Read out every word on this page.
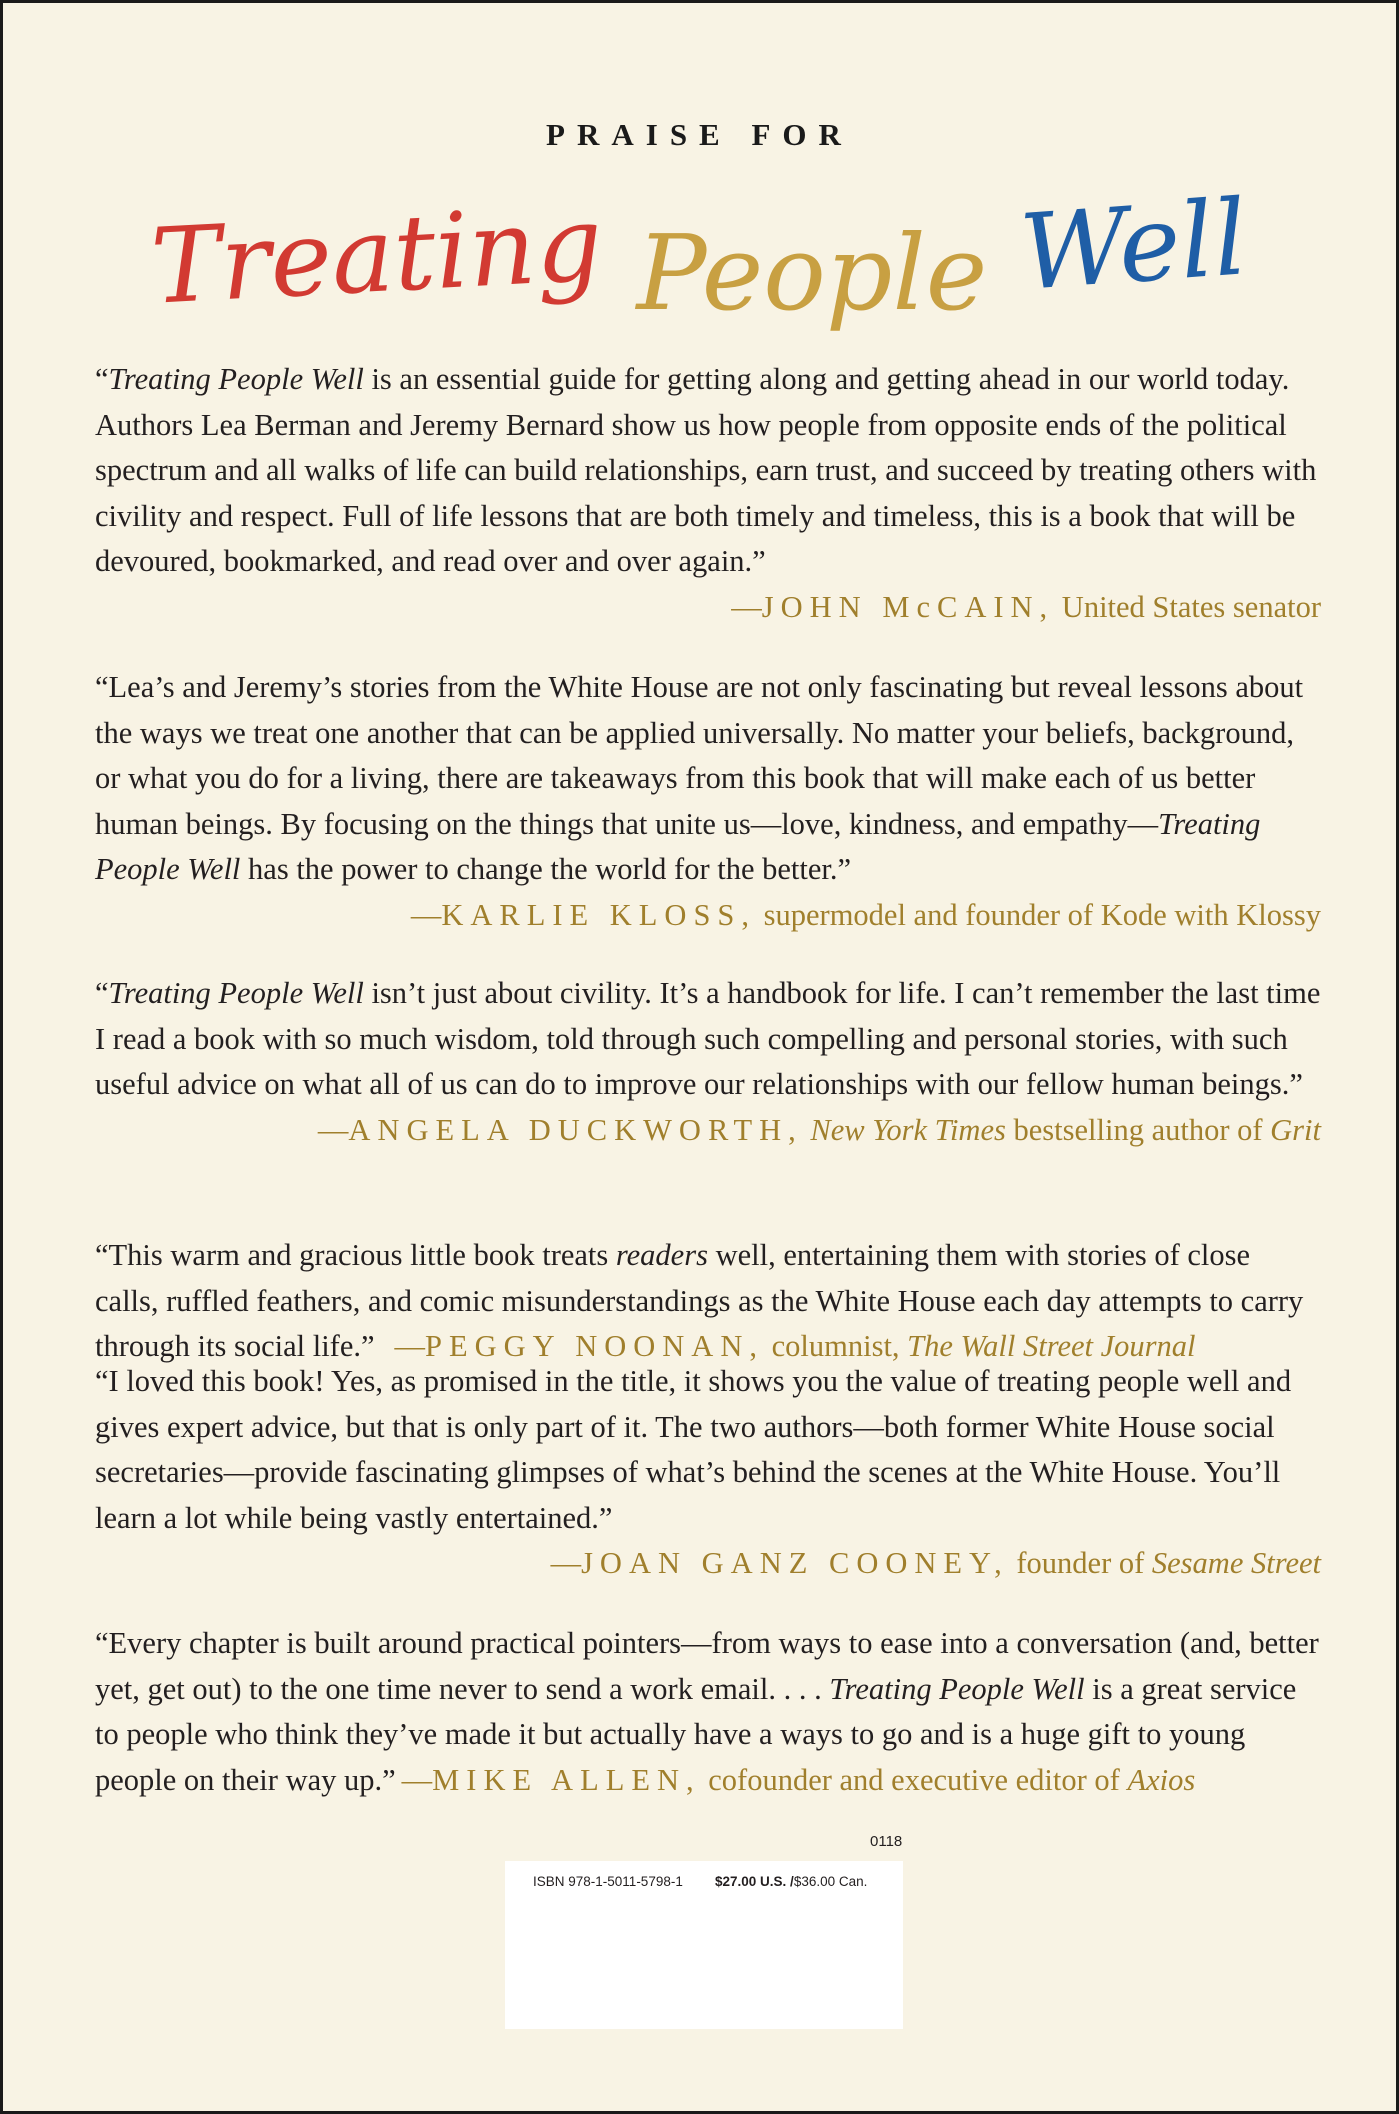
PRAISE FOR
Treating People Well

“Treating People Well is an essential guide for getting along and getting ahead in our world today. Authors Lea Berman and Jeremy Bernard show us how people from opposite ends of the political spectrum and all walks of life can build relationships, earn trust, and succeed by treating others with civility and respect. Full of life lessons that are both timely and timeless, this is a book that will be devoured, bookmarked, and read over and over again.”

—JOHN McCAIN, United States senator

“Lea’s and Jeremy’s stories from the White House are not only fascinating but reveal lessons about the ways we treat one another that can be applied universally. No matter your beliefs, background, or what you do for a living, there are takeaways from this book that will make each of us better human beings. By focusing on the things that unite us—love, kindness, and empathy—Treating People Well has the power to change the world for the better.”

—KARLIE KLOSS, supermodel and founder of Kode with Klossy

“Treating People Well isn’t just about civility. It’s a handbook for life. I can’t remember the last time I read a book with so much wisdom, told through such compelling and personal stories, with such useful advice on what all of us can do to improve our relationships with our fellow human beings.”

—ANGELA DUCKWORTH, New York Times bestselling author of Grit

“This warm and gracious little book treats readers well, entertaining them with stories of close calls, ruffled feathers, and comic misunderstandings as the White House each day attempts to carry through its social life.” —PEGGY NOONAN, columnist, The Wall Street Journal

“I loved this book! Yes, as promised in the title, it shows you the value of treating people well and gives expert advice, but that is only part of it. The two authors—both former White House social secretaries—provide fascinating glimpses of what’s behind the scenes at the White House. You’ll learn a lot while being vastly entertained.”

—JOAN GANZ COONEY, founder of Sesame Street

“Every chapter is built around practical pointers—from ways to ease into a conversation (and, better yet, get out) to the one time never to send a work email. . . . Treating People Well is a great service to people who think they’ve made it but actually have a ways to go and is a huge gift to young people on their way up.” —MIKE ALLEN, cofounder and executive editor of Axios

0118
ISBN 978-1-5011-5798-1 $27.00 U.S. /$36.00 Can.
